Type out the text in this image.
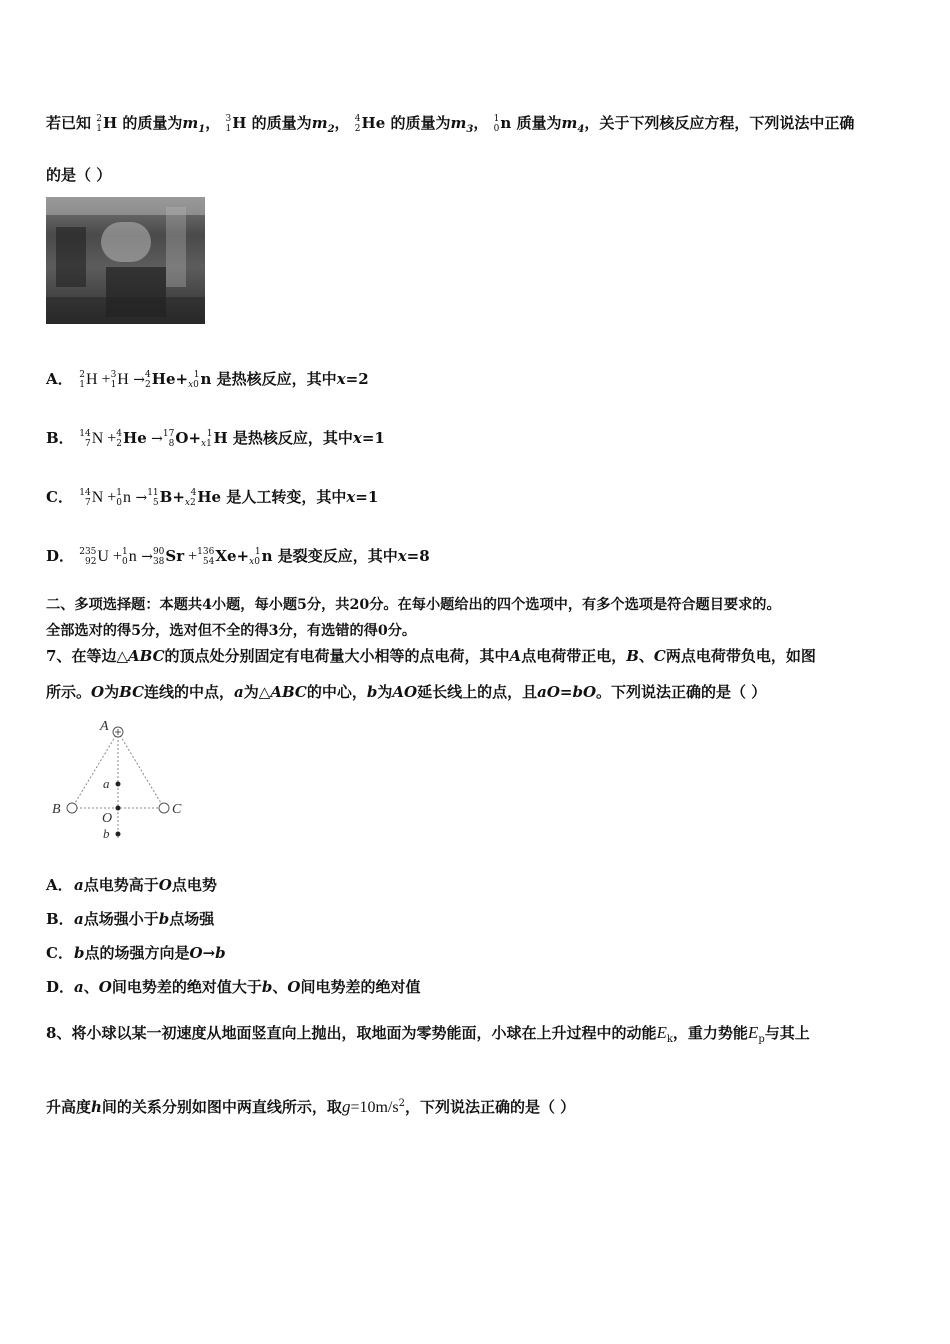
若已知 2
1 H 的质量为$m_1$， 3
1 H 的质量为$m_2$， 4
2 He 的质量为$m_3$， 1
0 n 质量为$m_4$，关于下列核反应方程，下列说法中正确
的是（ ）
A． 2
1 H + 3
1 H → 4
2 He+ 1
x0 n 是热核反应，其中x=2
B． 14
7 N + 4
2 He → 17
8 O+ 1
x1 H 是热核反应，其中x=1
C． 14
7 N + 1
0 n → 11
5 B+ 4
x2 He 是人工转变，其中x=1
D． 235
92 U + 1
0 n → 90
38 Sr + 136
54 Xe+ 1
x0 n 是裂变反应，其中x=8
二、多项选择题：本题共4小题，每小题5分，共20分。在每小题给出的四个选项中，有多个选项是符合题目要求的。
全部选对的得5分，选对但不全的得3分，有选错的得0分。
7、在等边△ABC的顶点处分别固定有电荷量大小相等的点电荷，其中A点电荷带正电，B、C两点电荷带负电，如图
所示。O为BC连线的中点，a为△ABC的中心，b为AO延长线上的点，且aO=bO。下列说法正确的是（ ）
A
B	C
a
O
b
A．a点电势高于O点电势
B．a点场强小于b点场强
C．b点的场强方向是O→b
D．a、O间电势差的绝对值大于b、O间电势差的绝对值
8、将小球以某一初速度从地面竖直向上抛出，取地面为零势能面，小球在上升过程中的动能$E_k$，重力势能$E_p$与其上
升高度h间的关系分别如图中两直线所示，取$g=10m/s^2$，下列说法正确的是（ ）
